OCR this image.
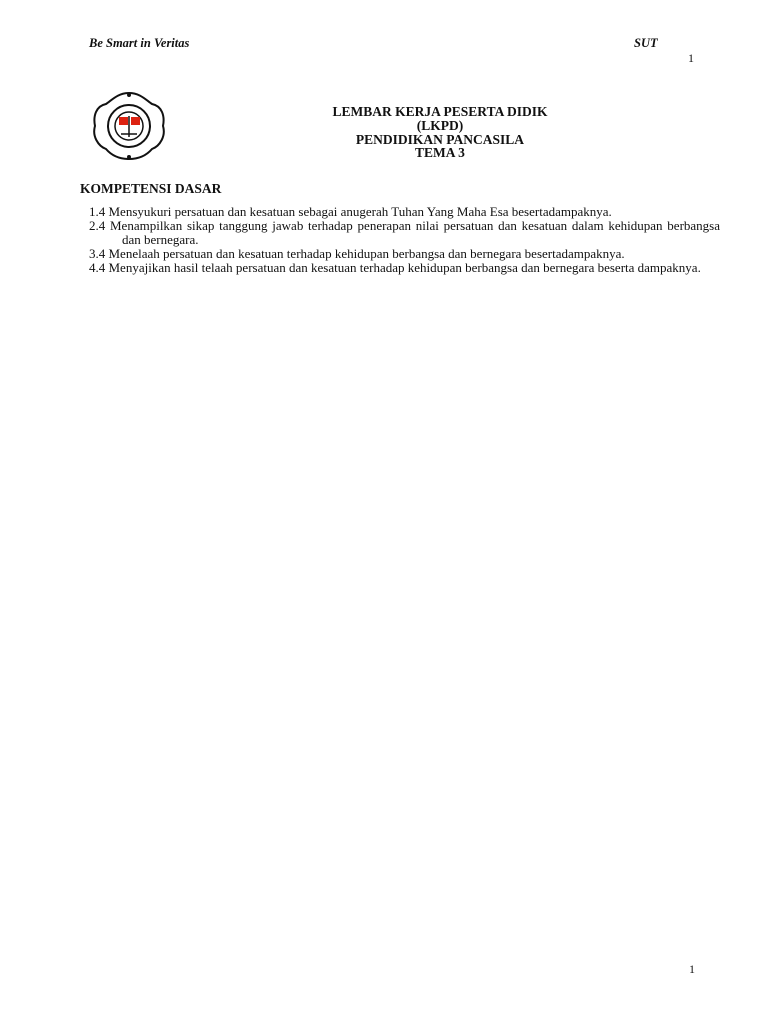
Be Smart in Veritas	SUT
1
LEMBAR KERJA PESERTA DIDIK
(LKPD)
PENDIDIKAN PANCASILA
TEMA 3
KOMPETENSI DASAR
1.4 Mensyukuri persatuan dan kesatuan sebagai anugerah Tuhan Yang Maha Esa besertadampaknya.
2.4 Menampilkan sikap tanggung jawab terhadap penerapan nilai persatuan dan kesatuan dalam kehidupan berbangsa dan bernegara.
3.4 Menelaah persatuan dan kesatuan terhadap kehidupan berbangsa dan bernegara besertadampaknya.
4.4 Menyajikan hasil telaah persatuan dan kesatuan terhadap kehidupan berbangsa dan bernegara beserta dampaknya.
1
